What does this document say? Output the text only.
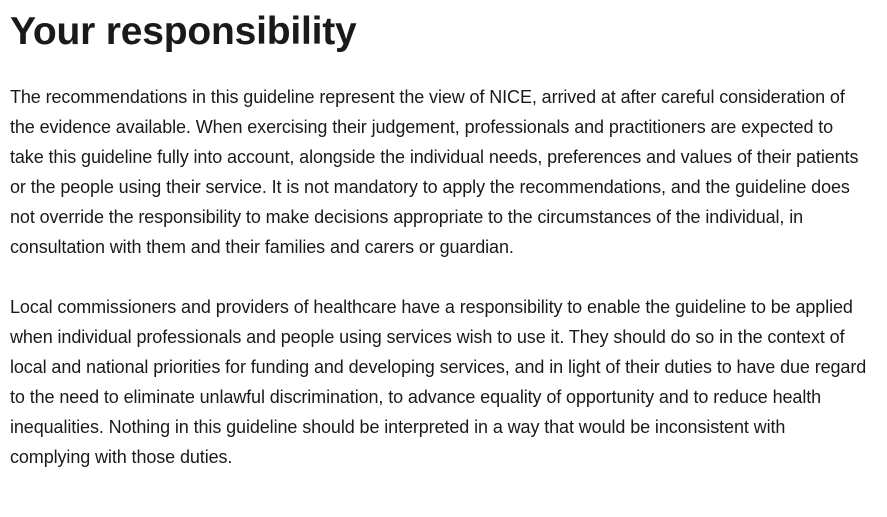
Your responsibility

The recommendations in this guideline represent the view of NICE, arrived at after careful consideration of the evidence available. When exercising their judgement, professionals and practitioners are expected to take this guideline fully into account, alongside the individual needs, preferences and values of their patients or the people using their service. It is not mandatory to apply the recommendations, and the guideline does not override the responsibility to make decisions appropriate to the circumstances of the individual, in consultation with them and their families and carers or guardian.

Local commissioners and providers of healthcare have a responsibility to enable the guideline to be applied when individual professionals and people using services wish to use it. They should do so in the context of local and national priorities for funding and developing services, and in light of their duties to have due regard to the need to eliminate unlawful discrimination, to advance equality of opportunity and to reduce health inequalities. Nothing in this guideline should be interpreted in a way that would be inconsistent with complying with those duties.
